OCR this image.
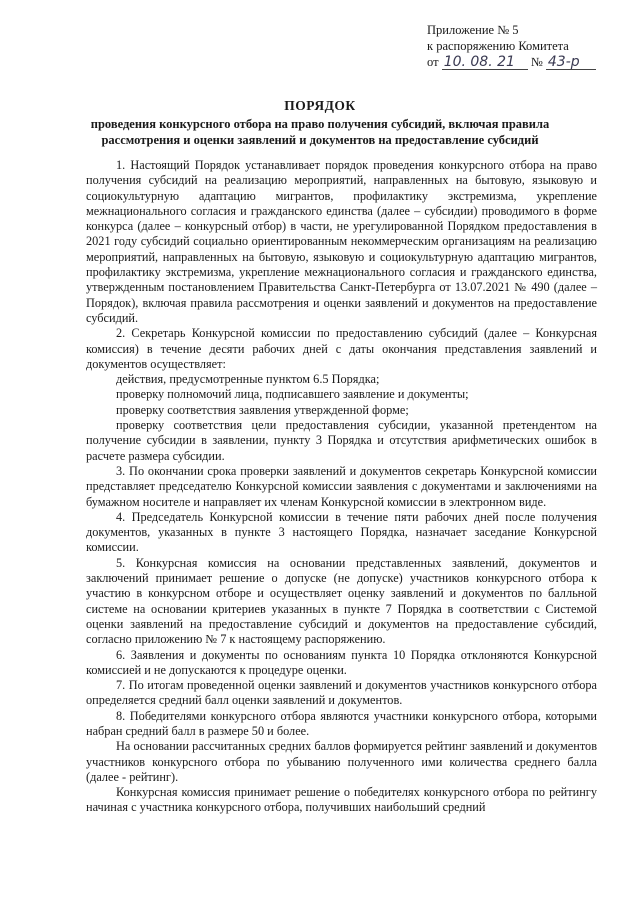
Приложение № 5
к распоряжению Комитета
от 10. 08. 21 № 43-р
ПОРЯДОК
проведения конкурсного отбора на право получения субсидий, включая правила рассмотрения и оценки заявлений и документов на предоставление субсидий

1. Настоящий Порядок устанавливает порядок проведения конкурсного отбора на право получения субсидий на реализацию мероприятий, направленных на бытовую, языковую и социокультурную адаптацию мигрантов, профилактику экстремизма, укрепление межнационального согласия и гражданского единства (далее – субсидии) проводимого в форме конкурса (далее – конкурсный отбор) в части, не урегулированной Порядком предоставления в 2021 году субсидий социально ориентированным некоммерческим организациям на реализацию мероприятий, направленных на бытовую, языковую и социокультурную адаптацию мигрантов, профилактику экстремизма, укрепление межнационального согласия и гражданского единства, утвержденным постановлением Правительства Санкт-Петербурга от 13.07.2021 № 490 (далее – Порядок), включая правила рассмотрения и оценки заявлений и документов на предоставление субсидий.

2. Секретарь Конкурсной комиссии по предоставлению субсидий (далее – Конкурсная комиссия) в течение десяти рабочих дней с даты окончания представления заявлений и документов осуществляет:

действия, предусмотренные пунктом 6.5 Порядка;

проверку полномочий лица, подписавшего заявление и документы;

проверку соответствия заявления утвержденной форме;

проверку соответствия цели предоставления субсидии, указанной претендентом на получение субсидии в заявлении, пункту 3 Порядка и отсутствия арифметических ошибок в расчете размера субсидии.

3. По окончании срока проверки заявлений и документов секретарь Конкурсной комиссии представляет председателю Конкурсной комиссии заявления с документами и заключениями на бумажном носителе и направляет их членам Конкурсной комиссии в электронном виде.

4. Председатель Конкурсной комиссии в течение пяти рабочих дней после получения документов, указанных в пункте 3 настоящего Порядка, назначает заседание Конкурсной комиссии.

5. Конкурсная комиссия на основании представленных заявлений, документов и заключений принимает решение о допуске (не допуске) участников конкурсного отбора к участию в конкурсном отборе и осуществляет оценку заявлений и документов по балльной системе на основании критериев указанных в пункте 7 Порядка в соответствии с Системой оценки заявлений на предоставление субсидий и документов на предоставление субсидий, согласно приложению № 7 к настоящему распоряжению.

6. Заявления и документы по основаниям пункта 10 Порядка отклоняются Конкурсной комиссией и не допускаются к процедуре оценки.

7. По итогам проведенной оценки заявлений и документов участников конкурсного отбора определяется средний балл оценки заявлений и документов.

8. Победителями конкурсного отбора являются участники конкурсного отбора, которыми набран средний балл в размере 50 и более.

На основании рассчитанных средних баллов формируется рейтинг заявлений и документов участников конкурсного отбора по убыванию полученного ими количества среднего балла (далее - рейтинг).

Конкурсная комиссия принимает решение о победителях конкурсного отбора по рейтингу начиная с участника конкурсного отбора, получивших наибольший средний
